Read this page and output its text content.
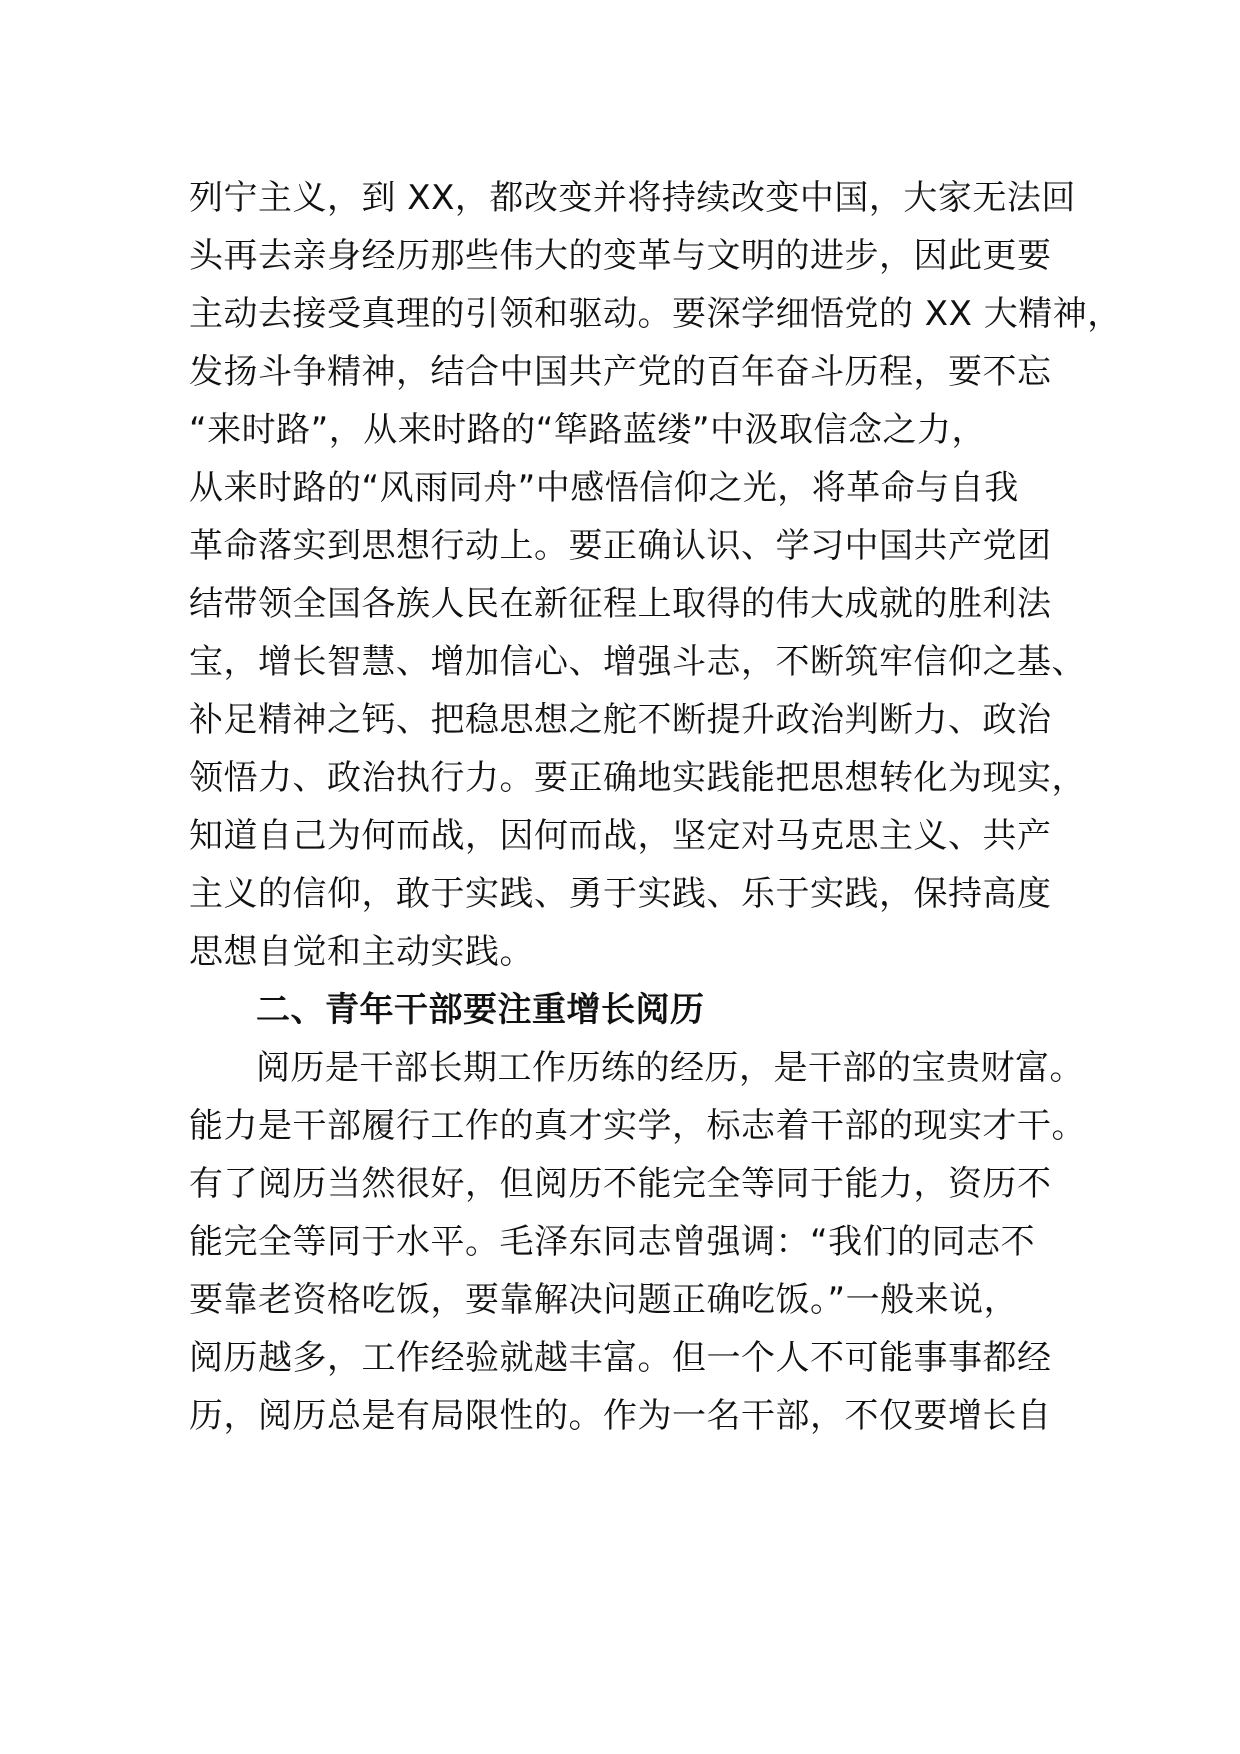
列宁主义，到 XX，都改变并将持续改变中国，大家无法回
头再去亲身经历那些伟大的变革与文明的进步，因此更要
主动去接受真理的引领和驱动。要深学细悟党的 XX 大精神，
发扬斗争精神，结合中国共产党的百年奋斗历程，要不忘
“来时路”，从来时路的“筚路蓝缕”中汲取信念之力，
从来时路的“风雨同舟”中感悟信仰之光，将革命与自我
革命落实到思想行动上。要正确认识、学习中国共产党团
结带领全国各族人民在新征程上取得的伟大成就的胜利法
宝，增长智慧、增加信心、增强斗志，不断筑牢信仰之基、
补足精神之钙、把稳思想之舵不断提升政治判断力、政治
领悟力、政治执行力。要正确地实践能把思想转化为现实，
知道自己为何而战，因何而战，坚定对马克思主义、共产
主义的信仰，敢于实践、勇于实践、乐于实践，保持高度
思想自觉和主动实践。
二、青年干部要注重增长阅历
阅历是干部长期工作历练的经历，是干部的宝贵财富。
能力是干部履行工作的真才实学，标志着干部的现实才干。
有了阅历当然很好，但阅历不能完全等同于能力，资历不
能完全等同于水平。毛泽东同志曾强调：“我们的同志不
要靠老资格吃饭，要靠解决问题正确吃饭。”一般来说，
阅历越多，工作经验就越丰富。但一个人不可能事事都经
历，阅历总是有局限性的。作为一名干部，不仅要增长自
